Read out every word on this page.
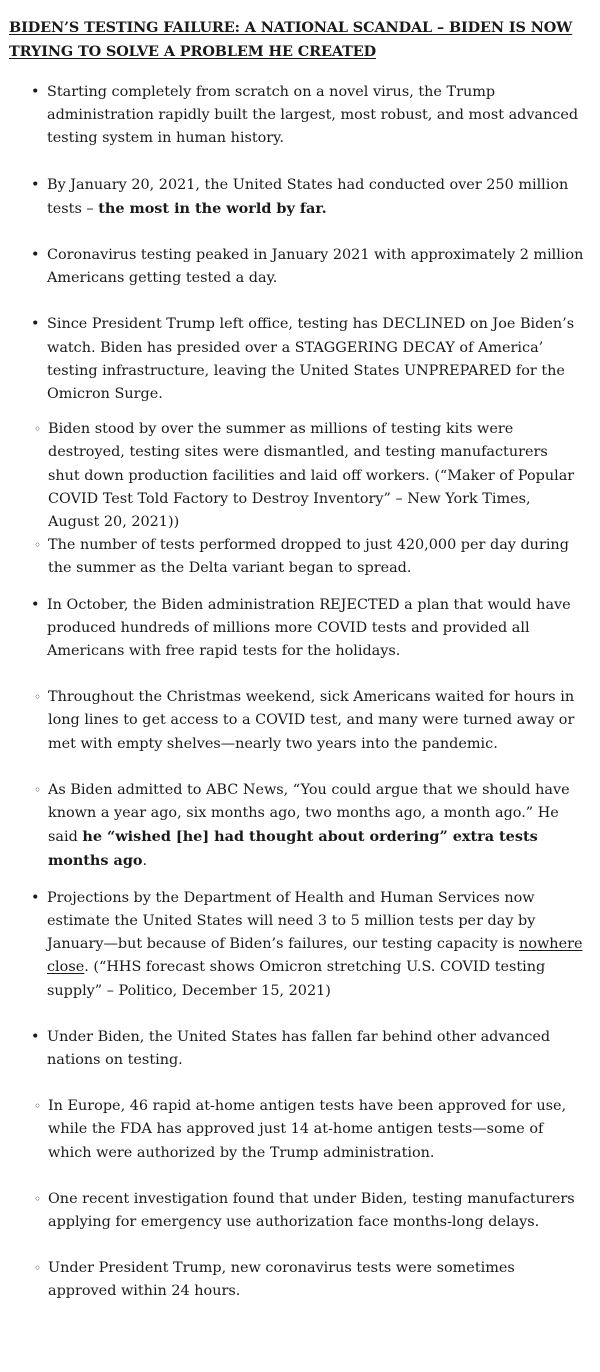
BIDEN’S TESTING FAILURE: A NATIONAL SCANDAL – BIDEN IS NOW
TRYING TO SOLVE A PROBLEM HE CREATED
• Starting completely from scratch on a novel virus, the Trump administration rapidly built the largest, most robust, and most advanced testing system in human history.
• By January 20, 2021, the United States had conducted over 250 million tests – the most in the world by far.
• Coronavirus testing peaked in January 2021 with approximately 2 million Americans getting tested a day.
• Since President Trump left office, testing has DECLINED on Joe Biden’s watch. Biden has presided over a STAGGERING DECAY of America’ testing infrastructure, leaving the United States UNPREPARED for the Omicron Surge.
◦ Biden stood by over the summer as millions of testing kits were destroyed, testing sites were dismantled, and testing manufacturers shut down production facilities and laid off workers. (“Maker of Popular COVID Test Told Factory to Destroy Inventory” – New York Times, August 20, 2021))
◦ The number of tests performed dropped to just 420,000 per day during the summer as the Delta variant began to spread.
• In October, the Biden administration REJECTED a plan that would have produced hundreds of millions more COVID tests and provided all Americans with free rapid tests for the holidays.
◦ Throughout the Christmas weekend, sick Americans waited for hours in long lines to get access to a COVID test, and many were turned away or met with empty shelves—nearly two years into the pandemic.
◦ As Biden admitted to ABC News, “You could argue that we should have known a year ago, six months ago, two months ago, a month ago.” He said he “wished [he] had thought about ordering” extra tests months ago.
• Projections by the Department of Health and Human Services now estimate the United States will need 3 to 5 million tests per day by January—but because of Biden’s failures, our testing capacity is nowhere close. (“HHS forecast shows Omicron stretching U.S. COVID testing supply” – Politico, December 15, 2021)
• Under Biden, the United States has fallen far behind other advanced nations on testing.
◦ In Europe, 46 rapid at-home antigen tests have been approved for use, while the FDA has approved just 14 at-home antigen tests—some of which were authorized by the Trump administration.
◦ One recent investigation found that under Biden, testing manufacturers applying for emergency use authorization face months-long delays.
◦ Under President Trump, new coronavirus tests were sometimes approved within 24 hours.
